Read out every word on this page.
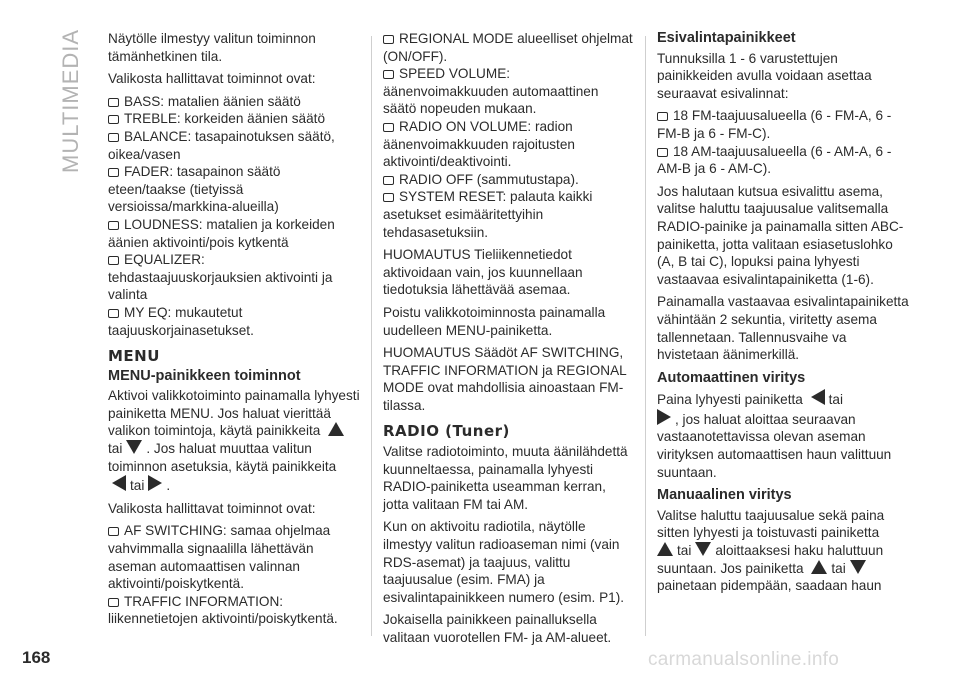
MULTIMEDIA Näytölle ilmestyy valitun toiminnon tämänhetkinen tila.

Valikosta hallittavat toiminnot ovat:

BASS: matalien äänien säätö
TREBLE: korkeiden äänien säätö
BALANCE: tasapainotuksen säätö, oikea/vasen
FADER: tasapainon säätö eteen/taakse (tietyissä versioissa/markkina-alueilla)
LOUDNESS: matalien ja korkeiden äänien aktivointi/pois kytkentä
EQUALIZER: tehdastaajuuskorjauksien aktivointi ja valinta
MY EQ: mukautetut taajuuskorjainasetukset.
MENU
MENU-painikkeen toiminnot

Aktivoi valikkotoiminto painamalla lyhyesti painiketta MENU. Jos haluat vierittää valikon toimintoja, käytä painikkeita tai . Jos haluat muuttaa valitun toiminnon asetuksia, käytä painikkeita tai .

Valikosta hallittavat toiminnot ovat:

AF SWITCHING: samaa ohjelmaa vahvimmalla signaalilla lähettävän aseman automaattisen valinnan aktivointi/poiskytkentä.
TRAFFIC INFORMATION: liikennetietojen aktivointi/poiskytkentä.
REGIONAL MODE alueelliset ohjelmat (ON/OFF).
SPEED VOLUME: äänenvoimakkuuden automaattinen säätö nopeuden mukaan.
RADIO ON VOLUME: radion äänenvoimakkuuden rajoitusten aktivointi/deaktivointi.
RADIO OFF (sammutustapa).
SYSTEM RESET: palauta kaikki asetukset esimääritettyihin tehdasasetuksiin.

HUOMAUTUS Tieliikennetiedot aktivoidaan vain, jos kuunnellaan tiedotuksia lähettävää asemaa.

Poistu valikkotoiminnosta painamalla uudelleen MENU-painiketta.

HUOMAUTUS Säädöt AF SWITCHING, TRAFFIC INFORMATION ja REGIONAL MODE ovat mahdollisia ainoastaan FM-tilassa.

RADIO (Tuner)

Valitse radiotoiminto, muuta äänilähdettä kuunneltaessa, painamalla lyhyesti RADIO-painiketta useamman kerran, jotta valitaan FM tai AM.

Kun on aktivoitu radiotila, näytölle ilmestyy valitun radioaseman nimi (vain RDS-asemat) ja taajuus, valittu taajuusalue (esim. FMA) ja esivalintapainikkeen numero (esim. P1).

Jokaisella painikkeen painalluksella valitaan vuorotellen FM- ja AM-alueet.

Esivalintapainikkeet

Tunnuksilla 1 - 6 varustettujen painikkeiden avulla voidaan asettaa seuraavat esivalinnat:

18 FM-taajuusalueella (6 - FM-A, 6 - FM-B ja 6 - FM-C).
18 AM-taajuusalueella (6 - AM-A, 6 - AM-B ja 6 - AM-C).

Jos halutaan kutsua esivalittu asema, valitse haluttu taajuusalue valitsemalla RADIO-painike ja painamalla sitten ABC-painiketta, jotta valitaan esiasetuslohko (A, B tai C), lopuksi paina lyhyesti vastaavaa esivalintapainiketta (1-6).

Painamalla vastaavaa esivalintapainiketta vähintään 2 sekuntia, viritetty asema tallennetaan. Tallennusvaihe va hvistetaan äänimerkillä.

Automaattinen viritys

Paina lyhyesti painiketta tai
, jos haluat aloittaa seuraavan vastaanotettavissa olevan aseman virityksen automaattisen haun valittuun suuntaan.

Manuaalinen viritys

Valitse haluttu taajuusalue sekä paina sitten lyhyesti ja toistuvasti painiketta
tai aloittaaksesi haku haluttuun suuntaan. Jos painiketta taipainetaan pidempään, saadaan haun

168	carmanualsonline.info
